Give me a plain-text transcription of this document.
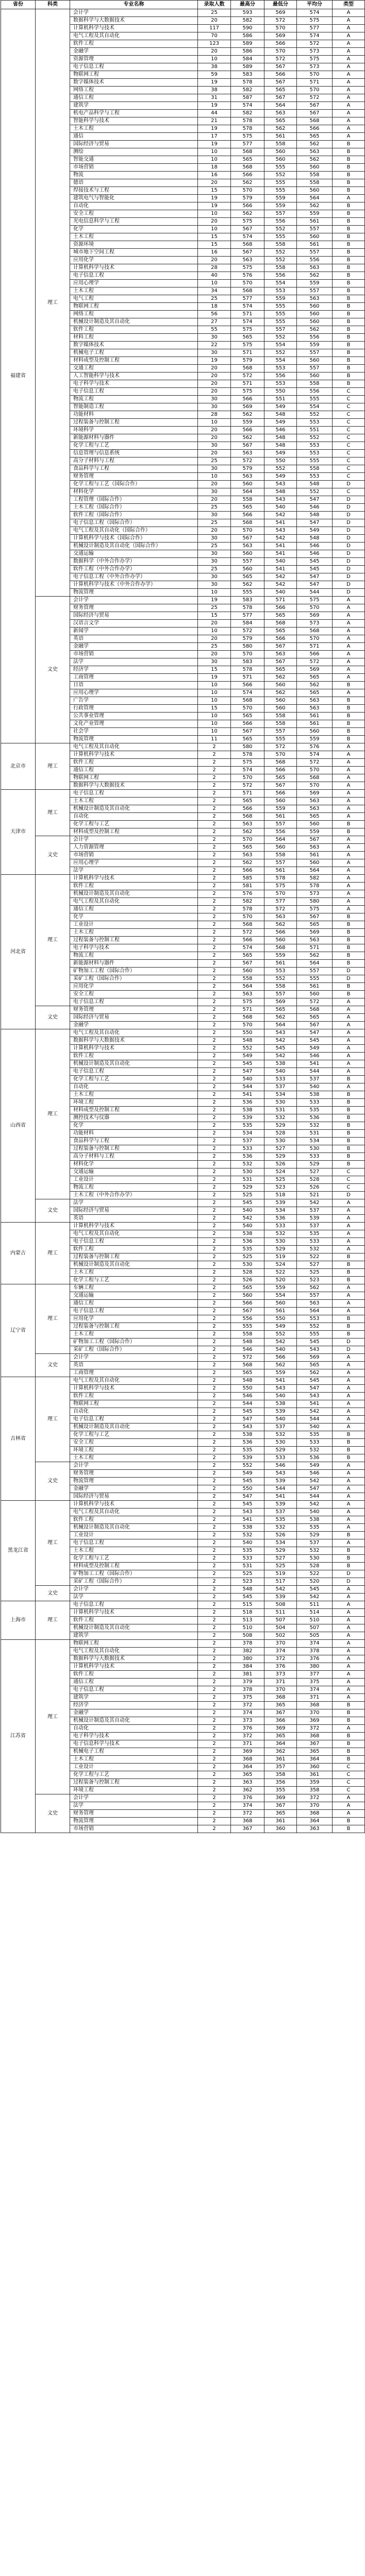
省份	科类	专业名称	录取人数	最高分	最低分	平均分	类型
福建省	理工	会计学	25	593	569	574	A
		数据科学与大数据技术	20	582	572	575	A
		计算机科学与技术	117	590	570	577	A
		电气工程及其自动化	70	586	569	574	A
		软件工程	123	589	566	572	A
		金融学	20	586	570	573	A
		资源管理	10	584	572	575	A
		电子信息工程	38	589	567	573	A
		物联网工程	59	583	566	570	A
		数字媒体技术	19	578	567	571	A
		网络工程	38	582	565	570	A
		通信工程	31	587	567	572	A
		建筑学	19	574	564	567	A
		机电产品科学与工程	44	582	563	567	A
		智能科学与技术	21	578	565	568	A
		土木工程	19	578	562	566	A
		通信	17	575	561	565	A
		国际经济与贸易	19	577	558	562	B
		测绘	10	568	560	563	B
		智能交通	10	565	560	562	B
		市场营销	18	568	555	560	B
		物流	16	566	552	558	B
		德语	20	562	555	558	B
		焊接技术与工程	15	570	555	560	B
		建筑电气与智能化	19	579	559	564	A
		自动化	19	566	559	562	B
		安全工程	10	562	557	559	B
		光电信息科学与工程	20	575	556	561	B
		化学	10	567	552	557	B
		土木工程	15	574	555	560	B
		资源环境	15	568	558	561	B
		城市地下空间工程	16	567	552	557	B
		应用化学	20	563	552	556	B
		计算机科学与技术	28	575	558	563	B
		电子信息工程	40	576	556	562	B
		应用心理学	10	570	554	559	B
		土木工程	34	568	553	557	B
		电气工程	25	577	559	563	B
		物联网工程	18	574	555	560	B
		网络工程	56	571	555	560	B
		机械设计制造及其自动化	27	574	555	560	B
		软件工程	55	575	557	562	B
		材料工程	30	565	552	556	B
		数字媒体技术	22	575	554	559	B
		机械电子工程	30	571	552	557	B
		材料成型及控制工程	19	579	554	560	B
		交通工程	20	568	553	557	B
		人工智能科学与技术	20	572	556	560	B
		电子科学与技术	20	571	553	558	B
		电子信息工程	20	575	550	556	C
		物流工程	30	566	551	555	C
		智能制造工程	30	569	549	554	C
		功能材料	28	562	548	552	C
		过程装备与控制工程	10	559	549	553	C
		环境科学	20	566	546	551	C
		新能源材料与器件	20	562	548	552	C
		化学工程与工艺	30	567	548	553	C
		信息管理与信息系统	20	563	549	553	C
		高分子材料与工程	25	572	550	555	C
		食品科学与工程	30	579	552	558	C
		财务管理	10	563	549	553	C
		化学工程与工艺（国际合作）	20	560	543	548	D
		材料化学	30	564	548	552	C
		工程管理（国际合作）	20	558	543	547	D
		土木工程（国际合作）	25	565	540	546	D
		软件工程（国际合作）	30	566	542	548	D
		电子信息工程（国际合作）	25	568	541	547	D
		电气工程及其自动化（国际合作）	20	570	543	549	D
		计算机科学与技术（国际合作）	30	567	542	548	D
		机械设计制造及其自动化（国际合作）	25	563	541	546	D
		交通运输	30	560	541	546	D
		数据科学（中外合作办学）	30	557	540	545	D
		软件工程（中外合作办学）	25	560	541	545	D
		电子信息工程（中外合作办学）	30	565	542	547	D
		计算机科学与技术（中外合作办学）	30	562	542	547	D
		物流管理	10	555	540	544	D
	文史	会计学	19	583	571	575	A
		财务管理	25	578	566	570	A
		国际经济与贸易	15	577	565	569	A
		汉语言文学	20	584	568	573	A
		新闻学	10	572	565	568	A
		英语	20	579	566	570	A
		金融学	25	580	567	571	A
		市场营销	20	570	563	566	A
		法学	30	583	567	572	A
		经济学	15	578	565	569	A
		工商管理	19	571	562	565	A
		日语	10	566	560	562	B
		应用心理学	10	574	562	565	A
		广告学	10	568	560	563	B
		行政管理	15	570	560	563	B
		公共事业管理	10	565	558	561	B
		文化产业管理	10	566	558	561	B
		社会学	10	567	557	560	B
		物流管理	11	565	555	559	B
北京市	理工	电气工程及其自动化	2	580	572	576	A
		计算机科学与技术	2	578	570	574	A
		软件工程	2	575	568	572	A
		通信工程	2	574	566	570	A
		物联网工程	2	570	565	568	A
		数据科学与大数据技术	2	572	567	570	A
天津市	理工	电子信息工程	2	571	566	569	A
		土木工程	2	565	560	563	A
		机械设计制造及其自动化	2	566	559	563	A
		自动化	2	568	561	565	A
		化学工程与工艺	2	563	557	560	B
		材料成型及控制工程	2	562	556	559	B
	文史	会计学	2	570	564	567	A
		人力资源管理	2	565	560	563	A
		市场营销	2	563	558	561	A
		应用心理学	2	562	557	560	A
		法学	2	566	561	564	A
河北省	理工	计算机科学与技术	2	585	578	582	A
		软件工程	2	581	575	578	A
		机械设计制造及其自动化	2	576	570	573	A
		电气工程及其自动化	2	582	577	580	A
		通信工程	2	578	572	575	A
		化学	2	570	563	567	B
		工业设计	2	568	562	565	B
		土木工程	2	572	566	569	B
		过程装备与控制工程	2	566	560	563	B
		电子科学与技术	2	574	568	571	B
		物流工程	2	565	559	562	B
		新能源材料与器件	2	567	561	564	B
		矿物加工工程（国际合作）	2	560	553	557	D
		采矿工程（国际合作）	2	558	552	555	D
		应用化学	2	564	558	561	B
		安全工程	2	563	557	560	B
		电子信息工程	2	575	569	572	A
	文史	财务管理	2	571	565	568	A
		国际经济与贸易	2	568	562	565	A
		金融学	2	570	564	567	A
山西省	理工	电气工程及其自动化	2	550	543	547	A
		数据科学与大数据技术	2	548	542	545	A
		计算机科学与技术	2	552	545	549	A
		软件工程	2	549	542	546	A
		机械设计制造及其自动化	2	545	538	541	A
		电子信息工程	2	547	540	544	A
		化学工程与工艺	2	540	533	537	B
		自动化	2	544	537	540	A
		土木工程	2	541	534	538	B
		环境工程	2	536	530	533	B
		材料成型及控制工程	2	538	531	535	B
		测控技术与仪器	2	539	532	536	B
		化学	2	535	529	532	B
		功能材料	2	534	528	531	B
		食品科学与工程	2	537	530	534	B
		过程装备与控制工程	2	533	527	530	B
		高分子材料与工程	2	536	529	533	B
		材料化学	2	532	526	529	B
		交通运输	2	530	524	527	C
		工业设计	2	531	525	528	C
		物流工程	2	529	523	526	C
		土木工程（中外合作办学）	2	525	518	521	D
	文史	法学	2	545	539	542	A
		国际经济与贸易	2	540	534	537	A
		英语	2	542	536	539	A
内蒙古	理工	计算机科学与技术	2	540	533	537	A
		电气工程及其自动化	2	538	532	535	A
		电子信息工程	2	536	530	533	A
		软件工程	2	535	529	532	A
		过程装备与控制工程	2	525	519	522	B
		机械设计制造及其自动化	2	530	524	527	B
		土木工程	2	528	522	525	B
		化学工程与工艺	2	526	520	523	B
辽宁省	理工	车辆工程	2	565	559	562	A
		交通运输	2	560	554	557	A
		通信工程	2	566	560	563	A
		电子信息工程	2	567	561	564	A
		应用化学	2	556	550	553	B
		过程装备与控制工程	2	555	549	552	B
		土木工程	2	558	552	555	B
		矿物加工工程（国际合作）	2	548	542	545	D
		采矿工程（国际合作）	2	546	540	543	D
	文史	会计学	2	572	566	569	A
		英语	2	568	562	565	A
		工商管理	2	565	559	562	A
吉林省	理工	电气工程及其自动化	2	548	541	545	A
		计算机科学与技术	2	550	543	547	A
		软件工程	2	546	540	543	A
		物联网工程	2	544	538	541	A
		自动化	2	545	539	542	A
		电子信息工程	2	547	540	544	A
		机械设计制造及其自动化	2	543	537	540	A
		化学工程与工艺	2	538	532	535	B
		安全工程	2	536	530	533	B
		环境工程	2	535	529	532	B
		土木工程	2	539	533	536	B
	文史	会计学	2	552	546	549	A
		财务管理	2	549	543	546	A
		物流管理	2	545	539	542	A
		金融学	2	550	544	547	A
		国际经济与贸易	2	547	541	544	A
黑龙江省	理工	计算机科学与技术	2	545	539	542	A
		电气工程及其自动化	2	543	537	540	A
		软件工程	2	541	535	538	A
		机械设计制造及其自动化	2	538	532	535	A
		工业设计	2	532	526	529	B
		电子信息工程	2	540	534	537	A
		土木工程	2	535	529	532	B
		化学工程与工艺	2	533	527	530	B
		材料成型及控制工程	2	531	525	528	B
		矿物加工工程（国际合作）	2	525	519	522	D
		采矿工程（国际合作）	2	523	517	520	D
	文史	会计学	2	548	542	545	A
		法学	2	545	539	542	A
上海市	理工	电子信息工程	2	515	508	511	A
		计算机科学与技术	2	518	511	514	A
		软件工程	2	513	507	510	A
		机械设计制造及其自动化	2	510	504	507	A
		建筑学	2	508	502	505	A
江苏省	理工	物联网工程	2	378	370	374	A
		电气工程及其自动化	2	382	374	378	A
		数据科学与大数据技术	2	380	372	376	A
		计算机科学与技术	2	384	376	380	A
		软件工程	2	381	373	377	A
		通信工程	2	379	371	375	A
		电子信息工程	2	378	370	374	A
		建筑学	2	375	368	371	A
		经济学	2	372	365	368	B
		金融学	2	374	367	370	B
		机械设计制造及其自动化	2	373	366	369	B
		自动化	2	376	369	372	A
		电子科学与技术	2	372	365	368	B
		电子信息科学与技术	2	371	364	367	B
		机械电子工程	2	369	362	365	B
		土木工程	2	368	361	364	B
		工业设计	2	364	357	360	C
		化学工程与工艺	2	365	358	361	C
		过程装备与控制工程	2	363	356	359	C
		环境工程	2	362	355	358	C
	文史	会计学	2	376	369	372	A
		法学	2	374	367	370	A
		财务管理	2	372	365	368	A
		物流管理	2	368	361	364	B
		市场营销	2	367	360	363	B
